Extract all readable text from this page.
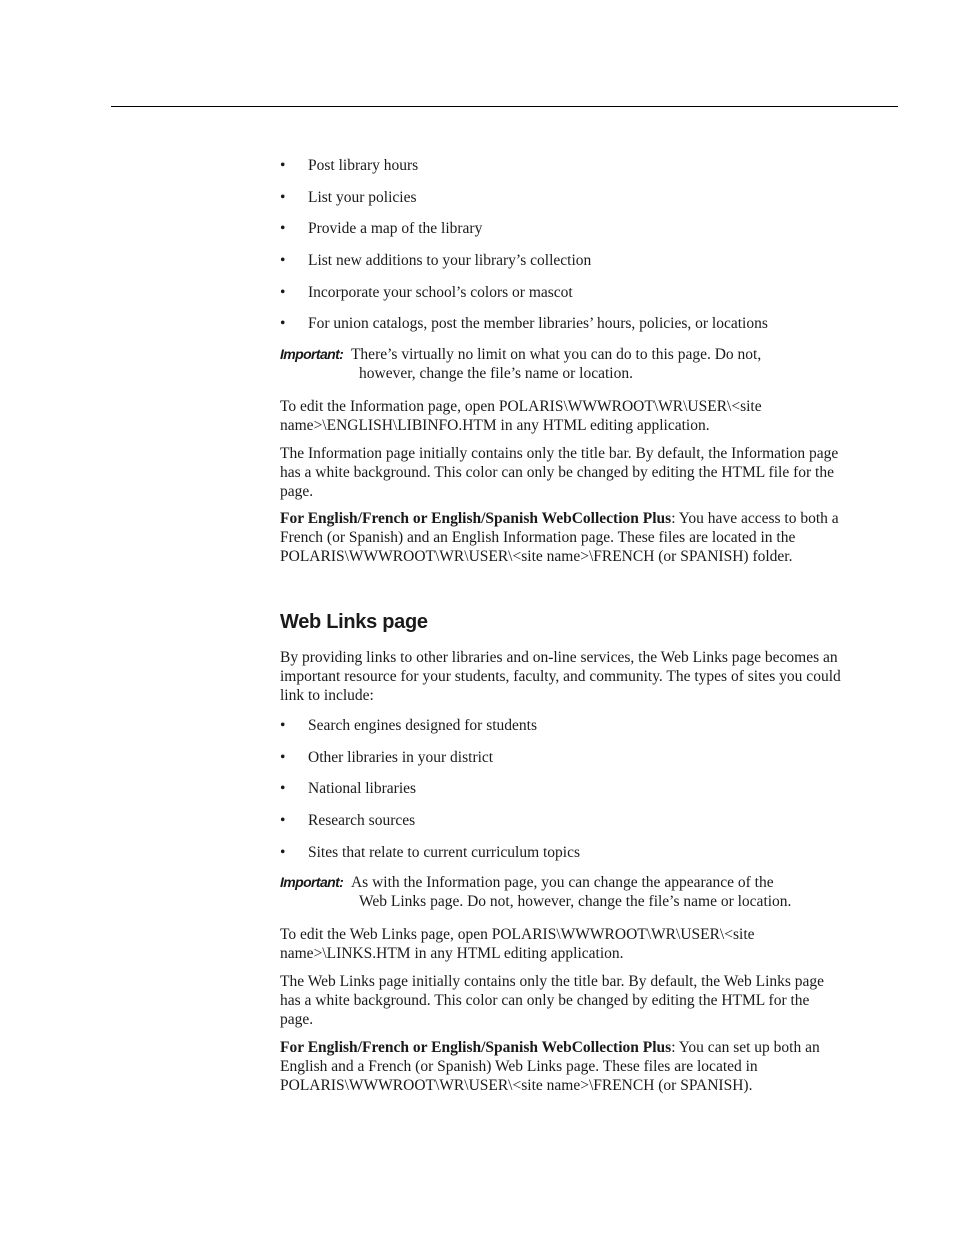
• Post library hours
• List your policies
• Provide a map of the library
• List new additions to your library’s collection
• Incorporate your school’s colors or mascot
• For union catalogs, post the member libraries’ hours, policies, or locations
Important: There’s virtually no limit on what you can do to this page. Do not,
however, change the file’s name or location.
To edit the Information page, open POLARIS\WWWROOT\WR\USER\<site name>\ENGLISH\LIBINFO.HTM in any HTML editing application.
The Information page initially contains only the title bar. By default, the Information page has a white background. This color can only be changed by editing the HTML file for the page.
For English/French or English/Spanish WebCollection Plus: You have access to both a French (or Spanish) and an English Information page. These files are located in the POLARIS\WWWROOT\WR\USER\<site name>\FRENCH (or SPANISH) folder.
Web Links page
By providing links to other libraries and on-line services, the Web Links page becomes an important resource for your students, faculty, and community. The types of sites you could link to include:
• Search engines designed for students
• Other libraries in your district
• National libraries
• Research sources
• Sites that relate to current curriculum topics
Important: As with the Information page, you can change the appearance of the
Web Links page. Do not, however, change the file’s name or location.
To edit the Web Links page, open POLARIS\WWWROOT\WR\USER\<site name>\LINKS.HTM in any HTML editing application.
The Web Links page initially contains only the title bar. By default, the Web Links page has a white background. This color can only be changed by editing the HTML for the page.
For English/French or English/Spanish WebCollection Plus: You can set up both an English and a French (or Spanish) Web Links page. These files are located in POLARIS\WWWROOT\WR\USER\<site name>\FRENCH (or SPANISH).
